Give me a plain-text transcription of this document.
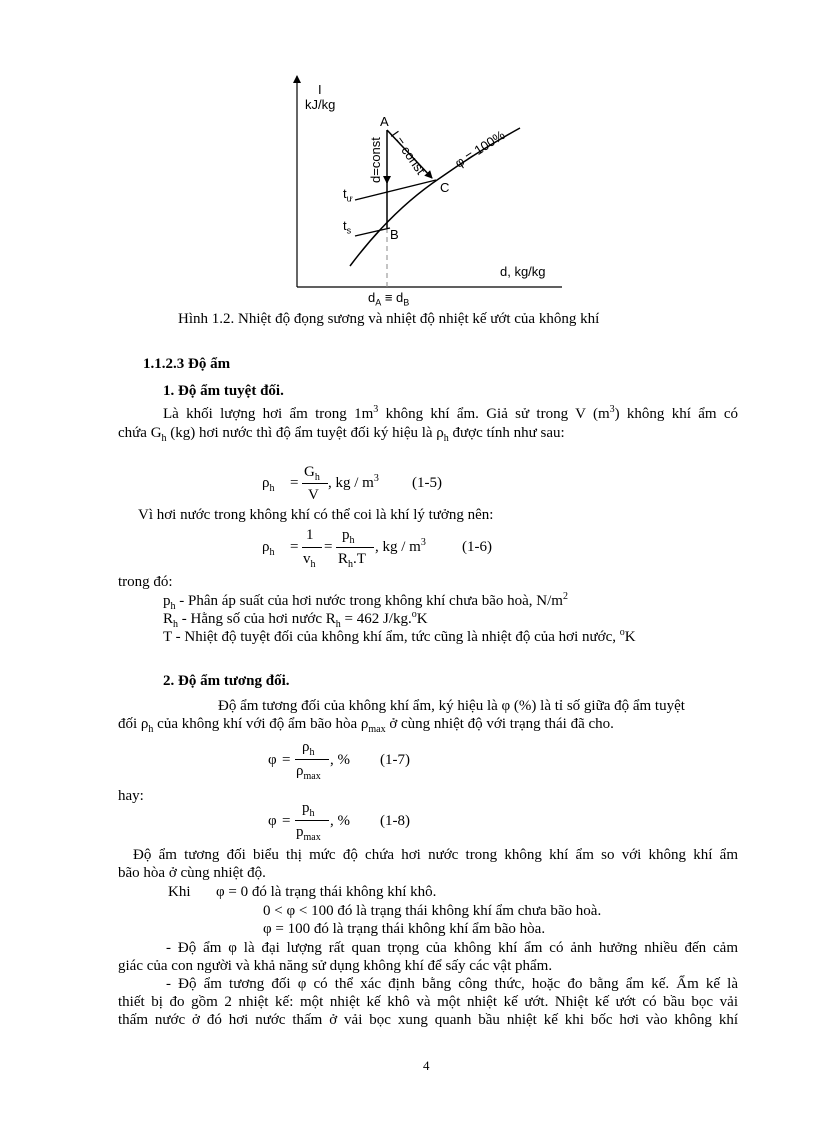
I
kJ/kg
A
C
B
d, kg/kg
d=const I = const φ = 100%
$t_ư$
$t_s$
$d_A \equiv d_B$
Hình 1.2. Nhiệt độ đọng sương và nhiệt độ nhiệt kế ướt của không khí
1.1.2.3 Độ ẩm
1. Độ ẩm tuyệt đối.
Là khối lượng hơi ẩm trong $1m^3$ không khí ẩm. Giả sử trong V $(m^3)$ không khí ẩm có
chứa $G_h$ (kg) hơi nước thì độ ẩm tuyệt đối ký hiệu là $\rho_h$ được tính như sau:
$\rho_h$ =
$G_h$
V
, kg / $m^3$ (1-5)
Vì hơi nước trong không khí có thể coi là khí lý tưởng nên:
$\rho_h$ =
1
$v_h$
=
$p_h$
$R_h.T$
, kg / $m^3$ (1-6)
trong đó:
$p_h$ - Phân áp suất của hơi nước trong không khí chưa bão hoà, $N/m^2$
$R_h$ - Hằng số của hơi nước $R_h = 462$ J/kg.$^o$K
T - Nhiệt độ tuyệt đối của không khí ẩm, tức cũng là nhiệt độ của hơi nước, $^o$K
2. Độ ẩm tương đối.
Độ ẩm tương đối của không khí ẩm, ký hiệu là φ (%) là tỉ số giữa độ ẩm tuyệt
đối $\rho_h$ của không khí với độ ẩm bão hòa $\rho_{max}$ ở cùng nhiệt độ với trạng thái đã cho.
φ =
$\rho_h$
$\rho_{max}$
, % (1-7)
hay:
φ =
$p_h$
$p_{max}$
, % (1-8)
Độ ẩm tương đối biểu thị mức độ chứa hơi nước trong không khí ẩm so với không khí ẩm
bão hòa ở cùng nhiệt độ.
Khi φ = 0 đó là trạng thái không khí khô.
0 < φ < 100 đó là trạng thái không khí ẩm chưa bão hoà.
φ = 100 đó là trạng thái không khí ẩm bão hòa.
- Độ ẩm φ là đại lượng rất quan trọng của không khí ẩm có ảnh hưởng nhiều đến cảm
giác của con người và khả năng sử dụng không khí để sấy các vật phẩm.
- Độ ẩm tương đối φ có thể xác định bằng công thức, hoặc đo bằng ẩm kế. Ẩm kế là
thiết bị đo gồm 2 nhiệt kế: một nhiệt kế khô và một nhiệt kế ướt. Nhiệt kế ướt có bầu bọc vải
thấm nước ở đó hơi nước thấm ở vải bọc xung quanh bầu nhiệt kế khi bốc hơi vào không khí
4
